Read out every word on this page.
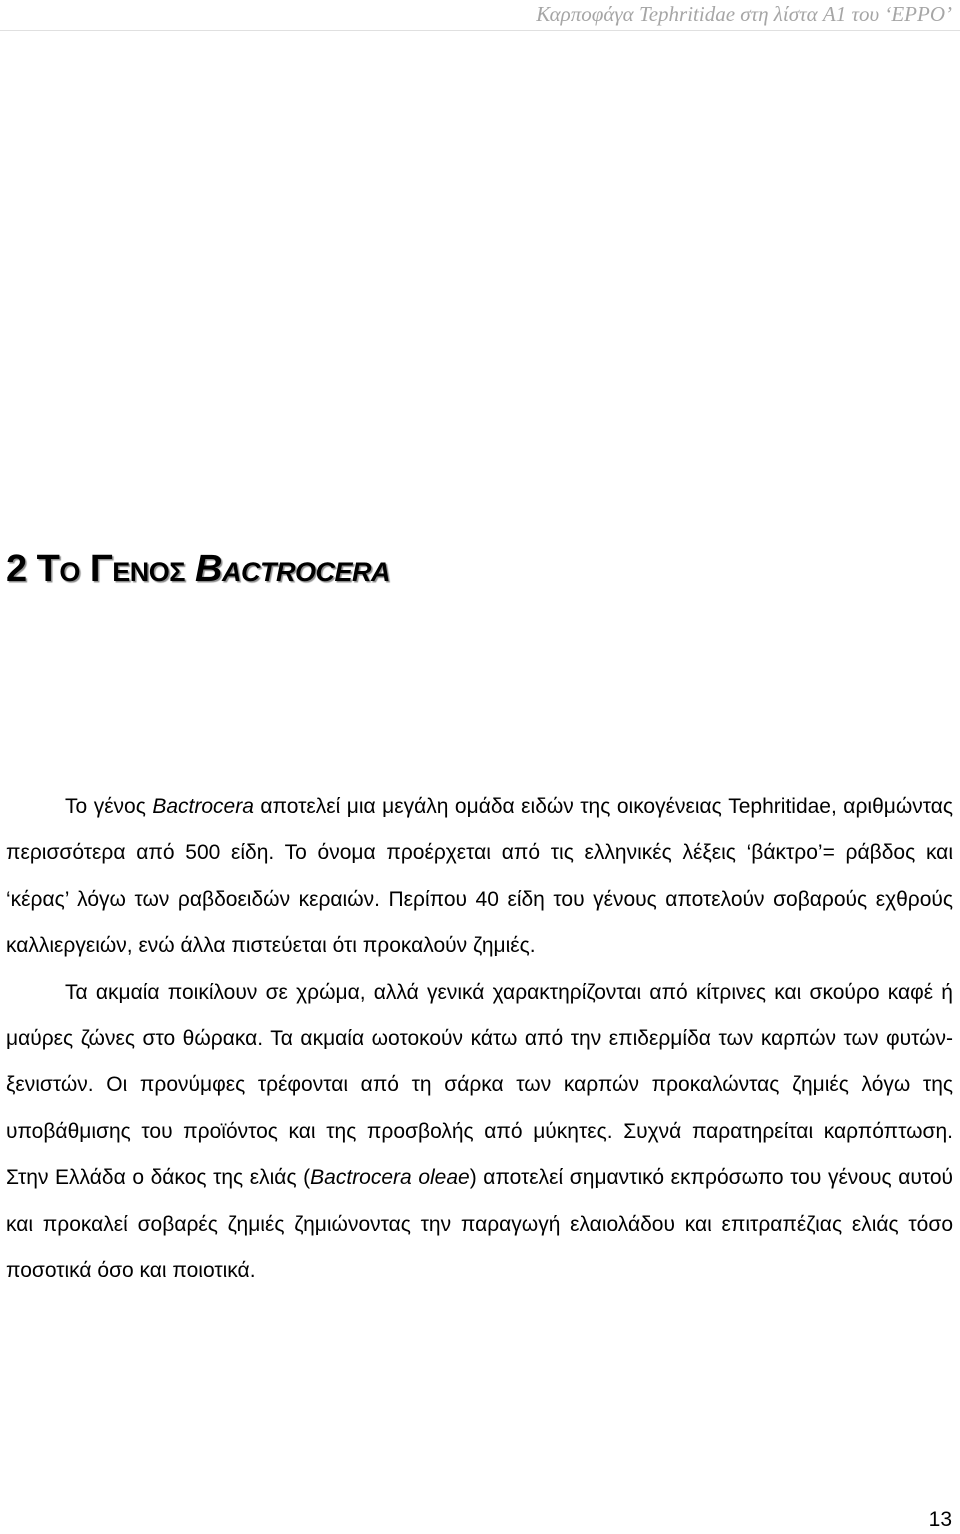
Καρποφάγα Tephritidae στη λίστα A1 του ‘EPPO’
2 Το Γενος Bactrocera

Το γένος Bactrocera αποτελεί μια μεγάλη ομάδα ειδών της οικογένειας Tephritidae, αριθμώντας περισσότερα από 500 είδη. Το όνομα προέρχεται από τις ελληνικές λέξεις ‘βάκτρο’= ράβδος και ‘κέρας’ λόγω των ραβδοειδών κεραιών. Περίπου 40 είδη του γένους αποτελούν σοβαρούς εχθρούς καλλιεργειών, ενώ άλλα πιστεύεται ότι προκαλούν ζημιές.

Τα ακμαία ποικίλουν σε χρώμα, αλλά γενικά χαρακτηρίζονται από κίτρινες και σκούρο καφέ ή μαύρες ζώνες στο θώρακα. Τα ακμαία ωοτοκούν κάτω από την επιδερμίδα των καρπών των φυτών-ξενιστών. Οι προνύμφες τρέφονται από τη σάρκα των καρπών προκαλώντας ζημιές λόγω της υποβάθμισης του προϊόντος και της προσβολής από μύκητες. Συχνά παρατηρείται καρπόπτωση. Στην Ελλάδα ο δάκος της ελιάς (Bactrocera oleae) αποτελεί σημαντικό εκπρόσωπο του γένους αυτού και προκαλεί σοβαρές ζημιές ζημιώνοντας την παραγωγή ελαιολάδου και επιτραπέζιας ελιάς τόσο ποσοτικά όσο και ποιοτικά.

13
